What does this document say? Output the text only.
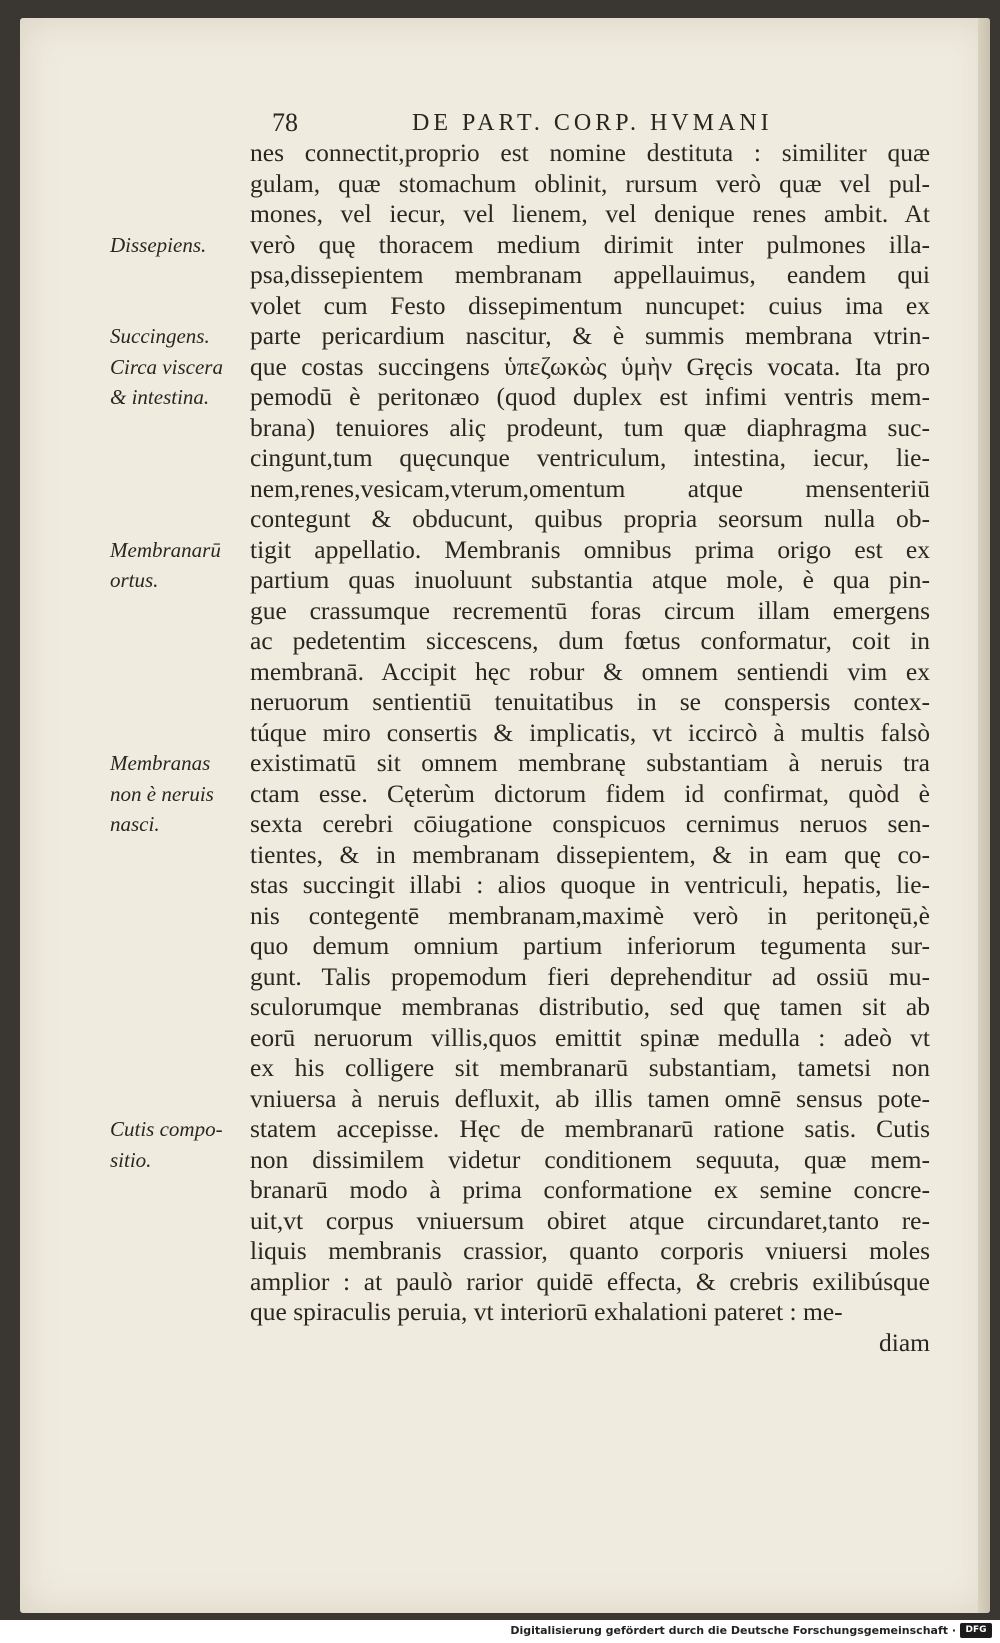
78	DE PART. CORP. HVMANI
Dissepiens.
Succingens.
Circa viscera
& intestina.
Membranarū
ortus.
Membranas
non è neruis
nasci.
Cutis compo-
sitio.
nes connectit,proprio est nomine destituta : similiter quæ
gulam, quæ stomachum oblinit, rursum verò quæ vel pul-
mones, vel iecur, vel lienem, vel denique renes ambit. At
verò quę thoracem medium dirimit inter pulmones illa-
psa,dissepientem membranam appellauimus, eandem qui
volet cum Festo dissepimentum nuncupet: cuius ima ex
parte pericardium nascitur, & è summis membrana vtrin-
que costas succingens ὑπεζωκὼς ὑμὴν Gręcis vocata. Ita pro
pemodū è peritonæo (quod duplex est infimi ventris mem-
brana) tenuiores aliç prodeunt, tum quæ diaphragma suc-
cingunt,tum quęcunque ventriculum, intestina, iecur, lie-
nem,renes,vesicam,vterum,omentum atque mensenteriū
contegunt & obducunt, quibus propria seorsum nulla ob-
tigit appellatio. Membranis omnibus prima origo est ex
partium quas inuoluunt substantia atque mole, è qua pin-
gue crassumque recrementū foras circum illam emergens
ac pedetentim siccescens, dum fœtus conformatur, coit in
membranā. Accipit hęc robur & omnem sentiendi vim ex
neruorum sentientiū tenuitatibus in se conspersis contex-
túque miro consertis & implicatis, vt iccircò à multis falsò
existimatū sit omnem membranę substantiam à neruis tra
ctam esse. Cęterùm dictorum fidem id confirmat, quòd è
sexta cerebri cōiugatione conspicuos cernimus neruos sen-
tientes, & in membranam dissepientem, & in eam quę co-
stas succingit illabi : alios quoque in ventriculi, hepatis, lie-
nis contegentē membranam,maximè verò in peritonęū,è
quo demum omnium partium inferiorum tegumenta sur-
gunt. Talis propemodum fieri deprehenditur ad ossiū mu-
sculorumque membranas distributio, sed quę tamen sit ab
eorū neruorum villis,quos emittit spinæ medulla : adeò vt
ex his colligere sit membranarū substantiam, tametsi non
vniuersa à neruis defluxit, ab illis tamen omnē sensus pote-
statem accepisse. Hęc de membranarū ratione satis. Cutis
non dissimilem videtur conditionem sequuta, quæ mem-
branarū modo à prima conformatione ex semine concre-
uit,vt corpus vniuersum obiret atque circundaret,tanto re-
liquis membranis crassior, quanto corporis vniuersi moles
amplior : at paulò rarior quidē effecta, & crebris exilibúsque
que spiraculis peruia, vt interiorū exhalationi pateret : me-
diam
Digitalisierung gefördert durch die Deutsche Forschungsgemeinschaft ·	DFG
